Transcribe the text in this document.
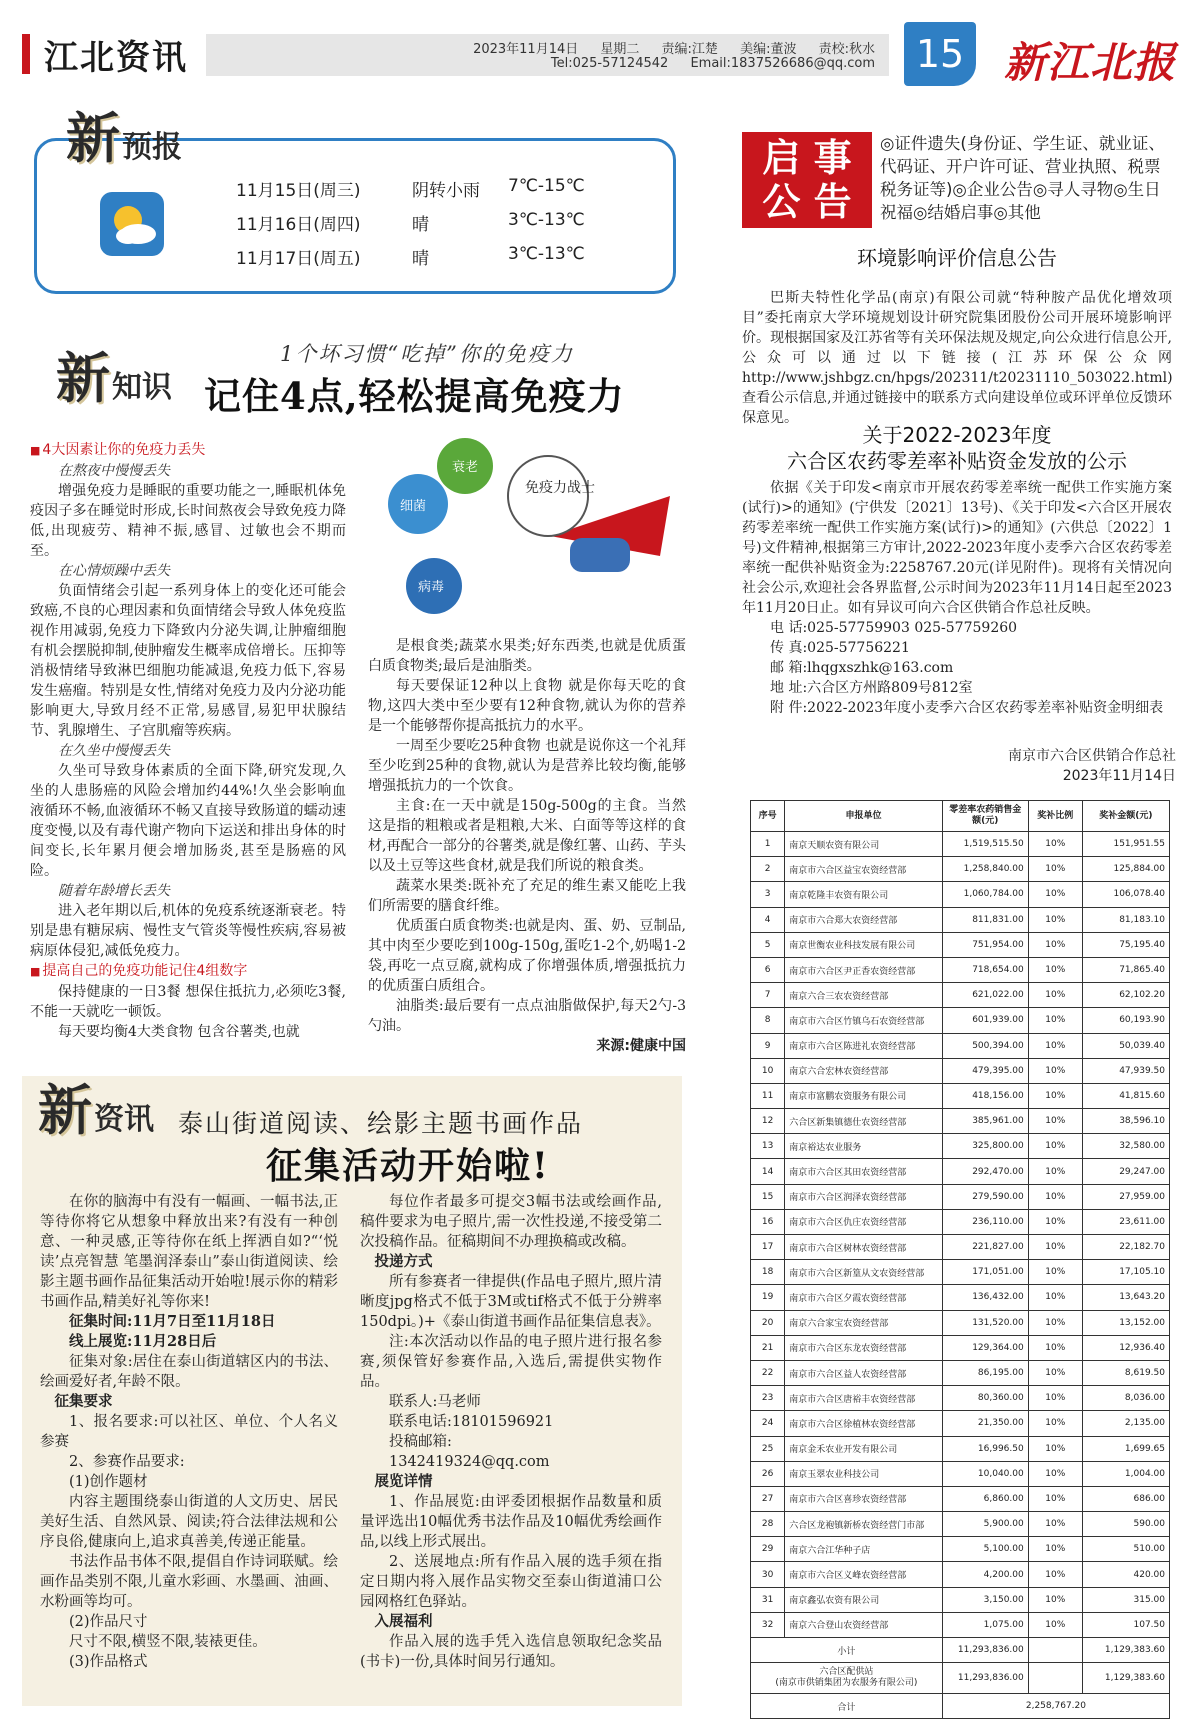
江北资讯	2023年11月14日 星期二 责编:江楚 美编:董波 责校:秋水
Tel:025-57124542 Email:1837526686@qq.com	15 新江北报
新预报
11月15日(周三)	阴转小雨 7℃-15℃
11月16日(周四)	晴	3℃-13℃
11月17日(周五)	晴	3℃-13℃
新知识
1个坏习惯“吃掉”你的免疫力
记住4点,轻松提高免疫力

■ 4大因素让你的免疫力丢失

在熬夜中慢慢丢失

增强免疫力是睡眠的重要功能之一,睡眠机体免疫因子多在睡觉时形成,长时间熬夜会导致免疫力降低,出现疲劳、精神不振,感冒、过敏也会不期而至。

在心情烦躁中丢失

负面情绪会引起一系列身体上的变化还可能会致癌,不良的心理因素和负面情绪会导致人体免疫监视作用减弱,免疫力下降致内分泌失调,让肿瘤细胞有机会摆脱抑制,使肿瘤发生概率成倍增长。压抑等消极情绪导致淋巴细胞功能减退,免疫力低下,容易发生癌瘤。特别是女性,情绪对免疫力及内分泌功能影响更大,导致月经不正常,易感冒,易犯甲状腺结节、乳腺增生、子宫肌瘤等疾病。

在久坐中慢慢丢失

久坐可导致身体素质的全面下降,研究发现,久坐的人患肠癌的风险会增加约44%!久坐会影响血液循环不畅,血液循环不畅又直接导致肠道的蠕动速度变慢,以及有毒代谢产物向下运送和排出身体的时间变长,长年累月便会增加肠炎,甚至是肠癌的风险。

随着年龄增长丢失

进入老年期以后,机体的免疫系统逐渐衰老。特别是患有糖尿病、慢性支气管炎等慢性疾病,容易被病原体侵犯,减低免疫力。

■ 提高自己的免疫功能记住4组数字

保持健康的一日3餐 想保住抵抗力,必须吃3餐,不能一天就吃一顿饭。

每天要均衡4大类食物 包含谷薯类,也就

衰老
细菌
病毒
免疫力战士

是根食类;蔬菜水果类;好东西类,也就是优质蛋白质食物类;最后是油脂类。

每天要保证12种以上食物 就是你每天吃的食物,这四大类中至少要有12种食物,就认为你的营养是一个能够帮你提高抵抗力的水平。

一周至少要吃25种食物 也就是说你这一个礼拜至少吃到25种的食物,就认为是营养比较均衡,能够增强抵抗力的一个饮食。

主食:在一天中就是150g-500g的主食。当然这是指的粗粮或者是粗粮,大米、白面等等这样的食材,再配合一部分的谷薯类,就是像红薯、山药、芋头以及土豆等这些食材,就是我们所说的粮食类。

蔬菜水果类:既补充了充足的维生素又能吃上我们所需要的膳食纤维。

优质蛋白质食物类:也就是肉、蛋、奶、豆制品,其中肉至少要吃到100g-150g,蛋吃1-2个,奶喝1-2袋,再吃一点豆腐,就构成了你增强体质,增强抵抗力的优质蛋白质组合。

油脂类:最后要有一点点油脂做保护,每天2勺-3勺油。

来源:健康中国
新资讯 泰山街道阅读、绘影主题书画作品
征集活动开始啦!

在你的脑海中有没有一幅画、一幅书法,正等待你将它从想象中释放出来?有没有一种创意、一种灵感,正等待你在纸上挥洒自如?“‘悦读’点亮智慧 笔墨润泽泰山”泰山街道阅读、绘影主题书画作品征集活动开始啦!展示你的精彩书画作品,精美好礼等你来!

征集时间:11月7日至11月18日

线上展览:11月28日后

征集对象:居住在泰山街道辖区内的书法、绘画爱好者,年龄不限。

征集要求

1、报名要求:可以社区、单位、个人名义参赛

2、参赛作品要求:

(1)创作题材

内容主题围绕泰山街道的人文历史、居民美好生活、自然风景、阅读;符合法律法规和公序良俗,健康向上,追求真善美,传递正能量。

书法作品书体不限,提倡自作诗词联赋。绘画作品类别不限,儿童水彩画、水墨画、油画、水粉画等均可。

(2)作品尺寸

尺寸不限,横竖不限,装裱更佳。

(3)作品格式

每位作者最多可提交3幅书法或绘画作品,稿件要求为电子照片,需一次性投递,不接受第二次投稿作品。征稿期间不办理换稿或改稿。

投递方式

所有参赛者一律提供(作品电子照片,照片清晰度jpg格式不低于3M或tif格式不低于分辨率150dpi。)+《泰山街道书画作品征集信息表》。

注:本次活动以作品的电子照片进行报名参赛,须保管好参赛作品,入选后,需提供实物作品。

联系人:马老师

联系电话:18101596921

投稿邮箱:

1342419324@qq.com

展览详情

1、作品展览:由评委团根据作品数量和质量评选出10幅优秀书法作品及10幅优秀绘画作品,以线上形式展出。

2、送展地点:所有作品入展的选手须在指定日期内将入展作品实物交至泰山街道浦口公园网格红色驿站。

入展福利

作品入展的选手凭入选信息领取纪念奖品(书卡)一份,具体时间另行通知。

启 事
公 告
◎证件遗失(身份证、学生证、就业证、代码证、开户许可证、营业执照、税票税务证等)◎企业公告◎寻人寻物◎生日祝福◎结婚启事◎其他
环境影响评价信息公告

巴斯夫特性化学品(南京)有限公司就“特种胺产品优化增效项目”委托南京大学环境规划设计研究院集团股份公司开展环境影响评价。现根据国家及江苏省等有关环保法规及规定,向公众进行信息公开,公众可以通过以下链接(江苏环保公众网http://www.jshbgz.cn/hpgs/202311/t20231110_503022.html)查看公示信息,并通过链接中的联系方式向建设单位或环评单位反馈环保意见。

关于2022-2023年度
六合区农药零差率补贴资金发放的公示

依据《关于印发<南京市开展农药零差率统一配供工作实施方案(试行)>的通知》(宁供发〔2021〕13号)、《关于印发<六合区开展农药零差率统一配供工作实施方案(试行)>的通知》(六供总〔2022〕1号)文件精神,根据第三方审计,2022-2023年度小麦季六合区农药零差率统一配供补贴资金为:2258767.20元(详见附件)。现将有关情况向社会公示,欢迎社会各界监督,公示时间为2023年11月14日起至2023年11月20日止。如有异议可向六合区供销合作总社反映。

电 话:025-57759903 025-57759260

传 真:025-57756221

邮 箱:lhqgxszhk@163.com

地 址:六合区方州路809号812室

附 件:2022-2023年度小麦季六合区农药零差率补贴资金明细表

南京市六合区供销合作总社
2023年11月14日
序号	申报单位	零差率农药销售金额(元)	奖补比例	奖补金额(元)
1	南京天顺农资有限公司	1,519,515.50	10%	151,951.55
2	南京市六合区益宝农资经营部	1,258,840.00	10%	125,884.00
3	南京乾隆丰农资有限公司	1,060,784.00	10%	106,078.40
4	南京市六合郑大农资经营部	811,831.00	10%	81,183.10
5	南京世衡农业科技发展有限公司	751,954.00	10%	75,195.40
6	南京市六合区尹正香农资经营部	718,654.00	10%	71,865.40
7	南京六合三农农资经营部	621,022.00	10%	62,102.20
8	南京市六合区竹镇乌石农资经营部	601,939.00	10%	60,193.90
9	南京市六合区陈进礼农资经营部	500,394.00	10%	50,039.40
10	南京六合宏林农资经营部	479,395.00	10%	47,939.50
11	南京市富鹏农资服务有限公司	418,156.00	10%	41,815.60
12	六合区新集镇德仕农资经营部	385,961.00	10%	38,596.10
13	南京裕达农业服务	325,800.00	10%	32,580.00
14	南京市六合区其田农资经营部	292,470.00	10%	29,247.00
15	南京市六合区润泽农资经营部	279,590.00	10%	27,959.00
16	南京市六合区仇庄农资经营部	236,110.00	10%	23,611.00
17	南京市六合区树林农资经营部	221,827.00	10%	22,182.70
18	南京市六合区新篁从文农资经营部	171,051.00	10%	17,105.10
19	南京市六合区夕霞农资经营部	136,432.00	10%	13,643.20
20	南京六合家宝农资经营部	131,520.00	10%	13,152.00
21	南京市六合区东龙农资经营部	129,364.00	10%	12,936.40
22	南京市六合区益人农资经营部	86,195.00	10%	8,619.50
23	南京市六合区唐裕丰农资经营部	80,360.00	10%	8,036.00
24	南京市六合区徐植林农资经营部	21,350.00	10%	2,135.00
25	南京金禾农业开发有限公司	16,996.50	10%	1,699.65
26	南京玉翠农业科技公司	10,040.00	10%	1,004.00
27	南京市六合区喜珍农资经营部	6,860.00	10%	686.00
28	六合区龙袍镇新桥农资经营门市部	5,900.00	10%	590.00
29	南京六合江华种子店	5,100.00	10%	510.00
30	南京市六合区义峰农资经营部	4,200.00	10%	420.00
31	南京鑫弘农资有限公司	3,150.00	10%	315.00
32	南京六合登山农资经营部	1,075.00	10%	107.50
小计		11,293,836.00		1,129,383.60

六合区配供站
(南京市供销集团为农服务有限公司)		11,293,836.00		1,129,383.60
合计		2,258,767.20		
